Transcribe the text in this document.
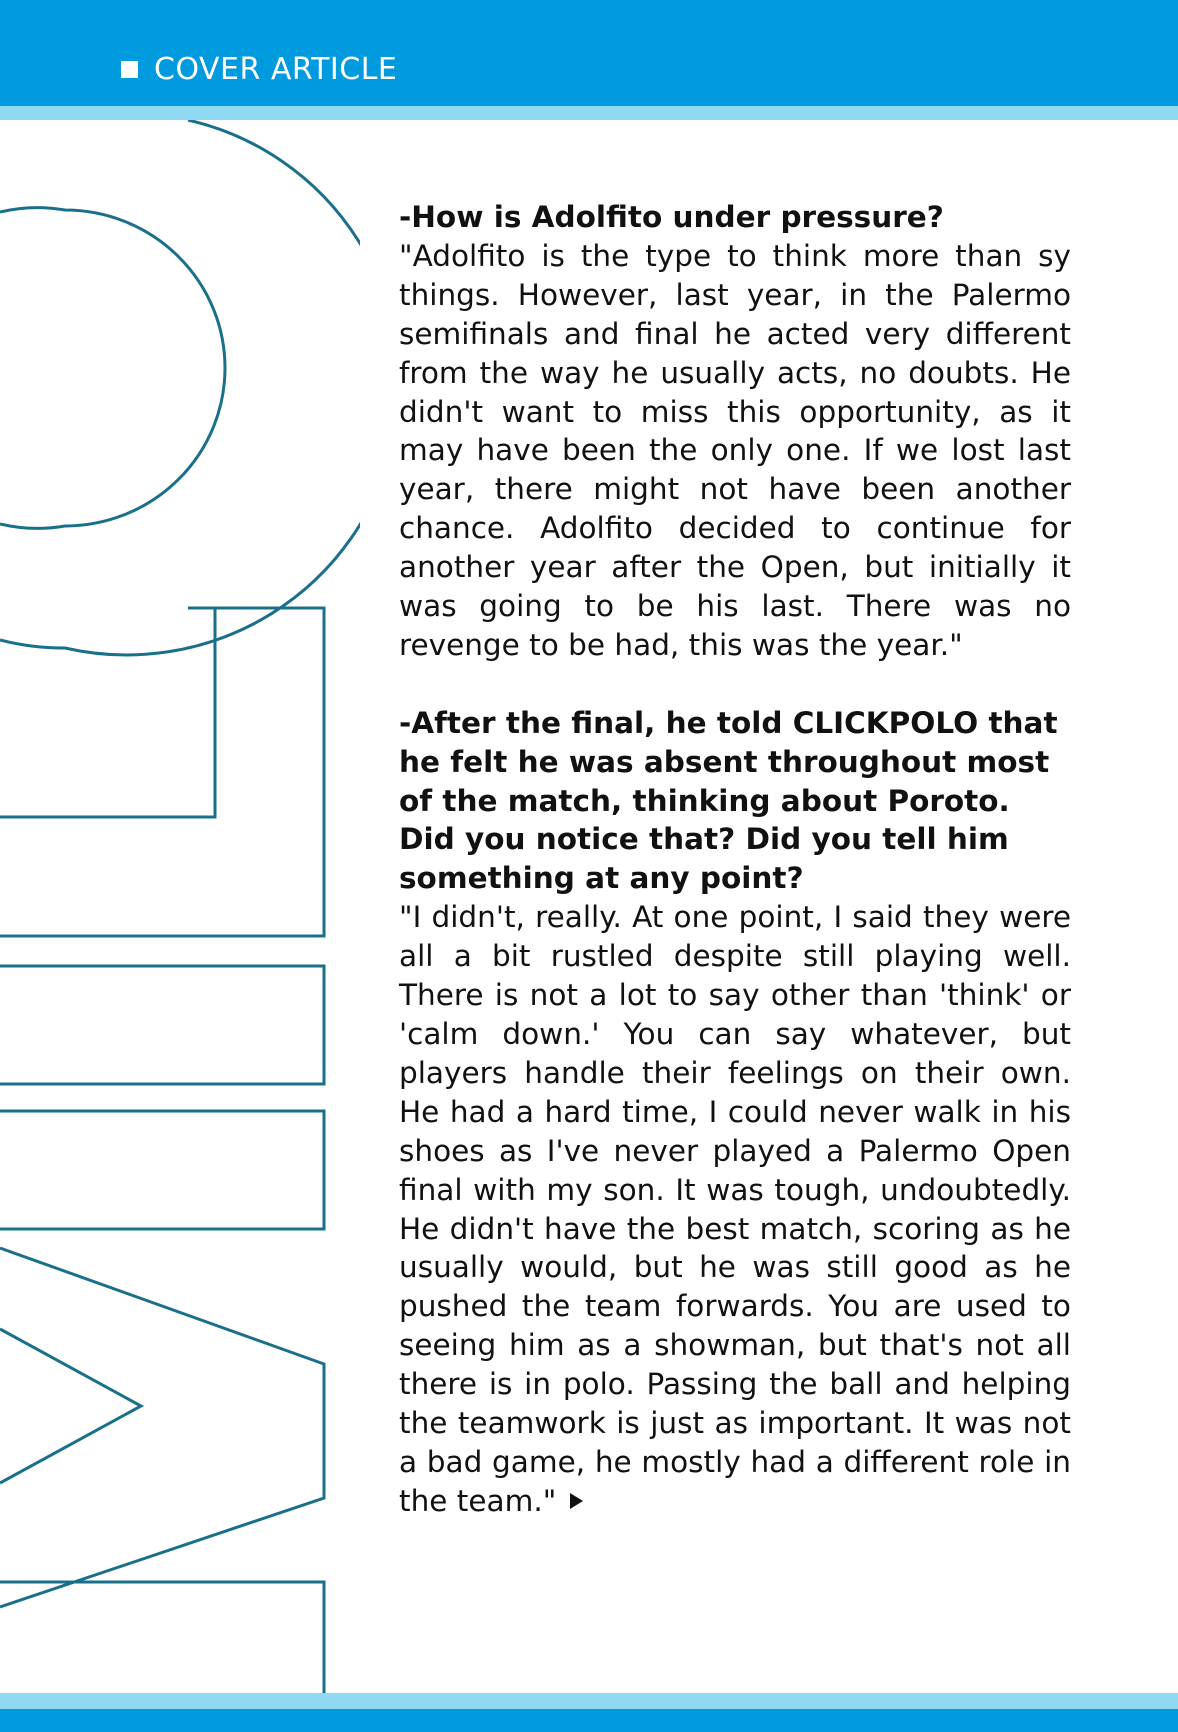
COVER ARTICLE

-How is Adolfito under pressure?

"Adolfito is the type to think more than sy things. However, last year, in the Palermo semifinals and final he acted very different from the way he usually acts, no doubts. He didn't want to miss this opportunity, as it may have been the only one. If we lost last year, there might not have been another chance. Adolfito decided to continue for another year after the Open, but initially it was going to be his last. There was no revenge to be had, this was the year."

-After the final, he told CLICKPOLO that he felt he was absent throughout most of the match, thinking about Poroto. Did you notice that? Did you tell him something at any point?

"I didn't, really. At one point, I said they were all a bit rustled despite still playing well. There is not a lot to say other than 'think' or 'calm down.' You can say whatever, but players handle their feelings on their own. He had a hard time, I could never walk in his shoes as I've never played a Palermo Open final with my son. It was tough, undoubtedly. He didn't have the best match, scoring as he usually would, but he was still good as he pushed the team forwards. You are used to seeing him as a showman, but that's not all there is in polo. Passing the ball and helping the teamwork is just as important. It was not a bad game, he mostly had a different role in the team."
